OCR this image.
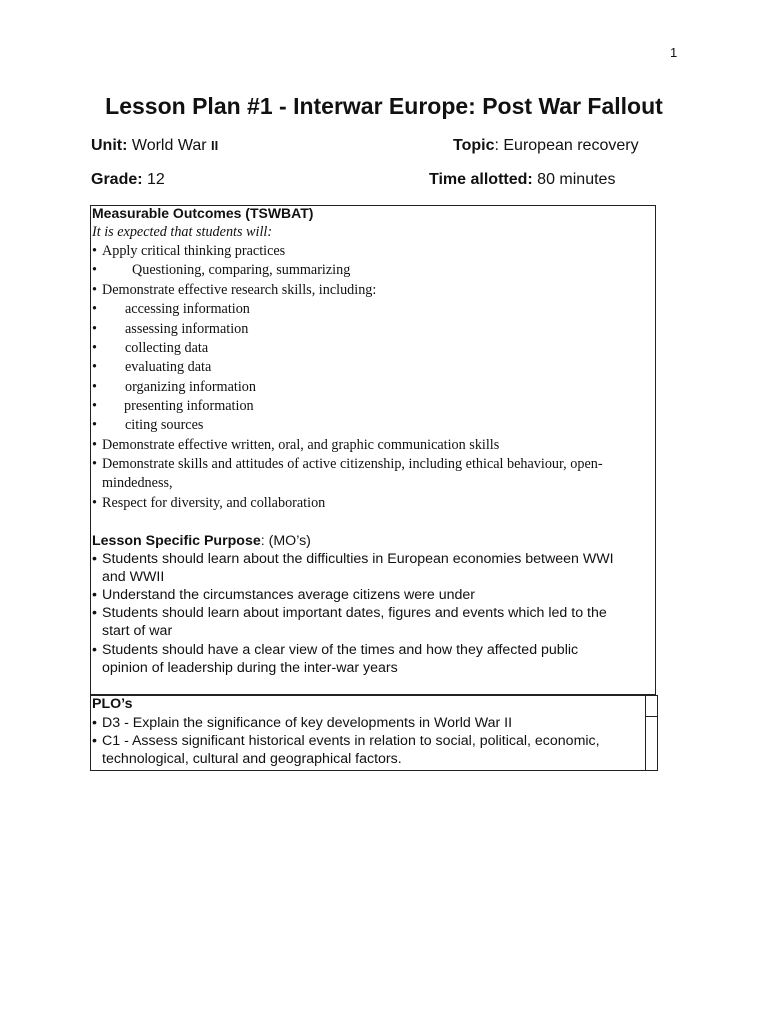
1
Lesson Plan #1 - Interwar Europe: Post War Fallout
Unit: World War II	Topic: European recovery
Grade: 12	Time allotted: 80 minutes
Measurable Outcomes (TSWBAT)
It is expected that students will:
• Apply critical thinking practices
• Questioning, comparing, summarizing
• Demonstrate effective research skills, including:
• accessing information
• assessing information
• collecting data
• evaluating data
• organizing information
• presenting information
• citing sources
• Demonstrate effective written, oral, and graphic communication skills
• Demonstrate skills and attitudes of active citizenship, including ethical behaviour, open-
mindedness,
• Respect for diversity, and collaboration
Lesson Specific Purpose: (MO’s)
• Students should learn about the difficulties in European economies between WWI
and WWII
• Understand the circumstances average citizens were under
• Students should learn about important dates, figures and events which led to the
start of war
• Students should have a clear view of the times and how they affected public
opinion of leadership during the inter-war years
PLO’s
• D3 - Explain the significance of key developments in World War II
• C1 - Assess significant historical events in relation to social, political, economic,
technological, cultural and geographical factors.
